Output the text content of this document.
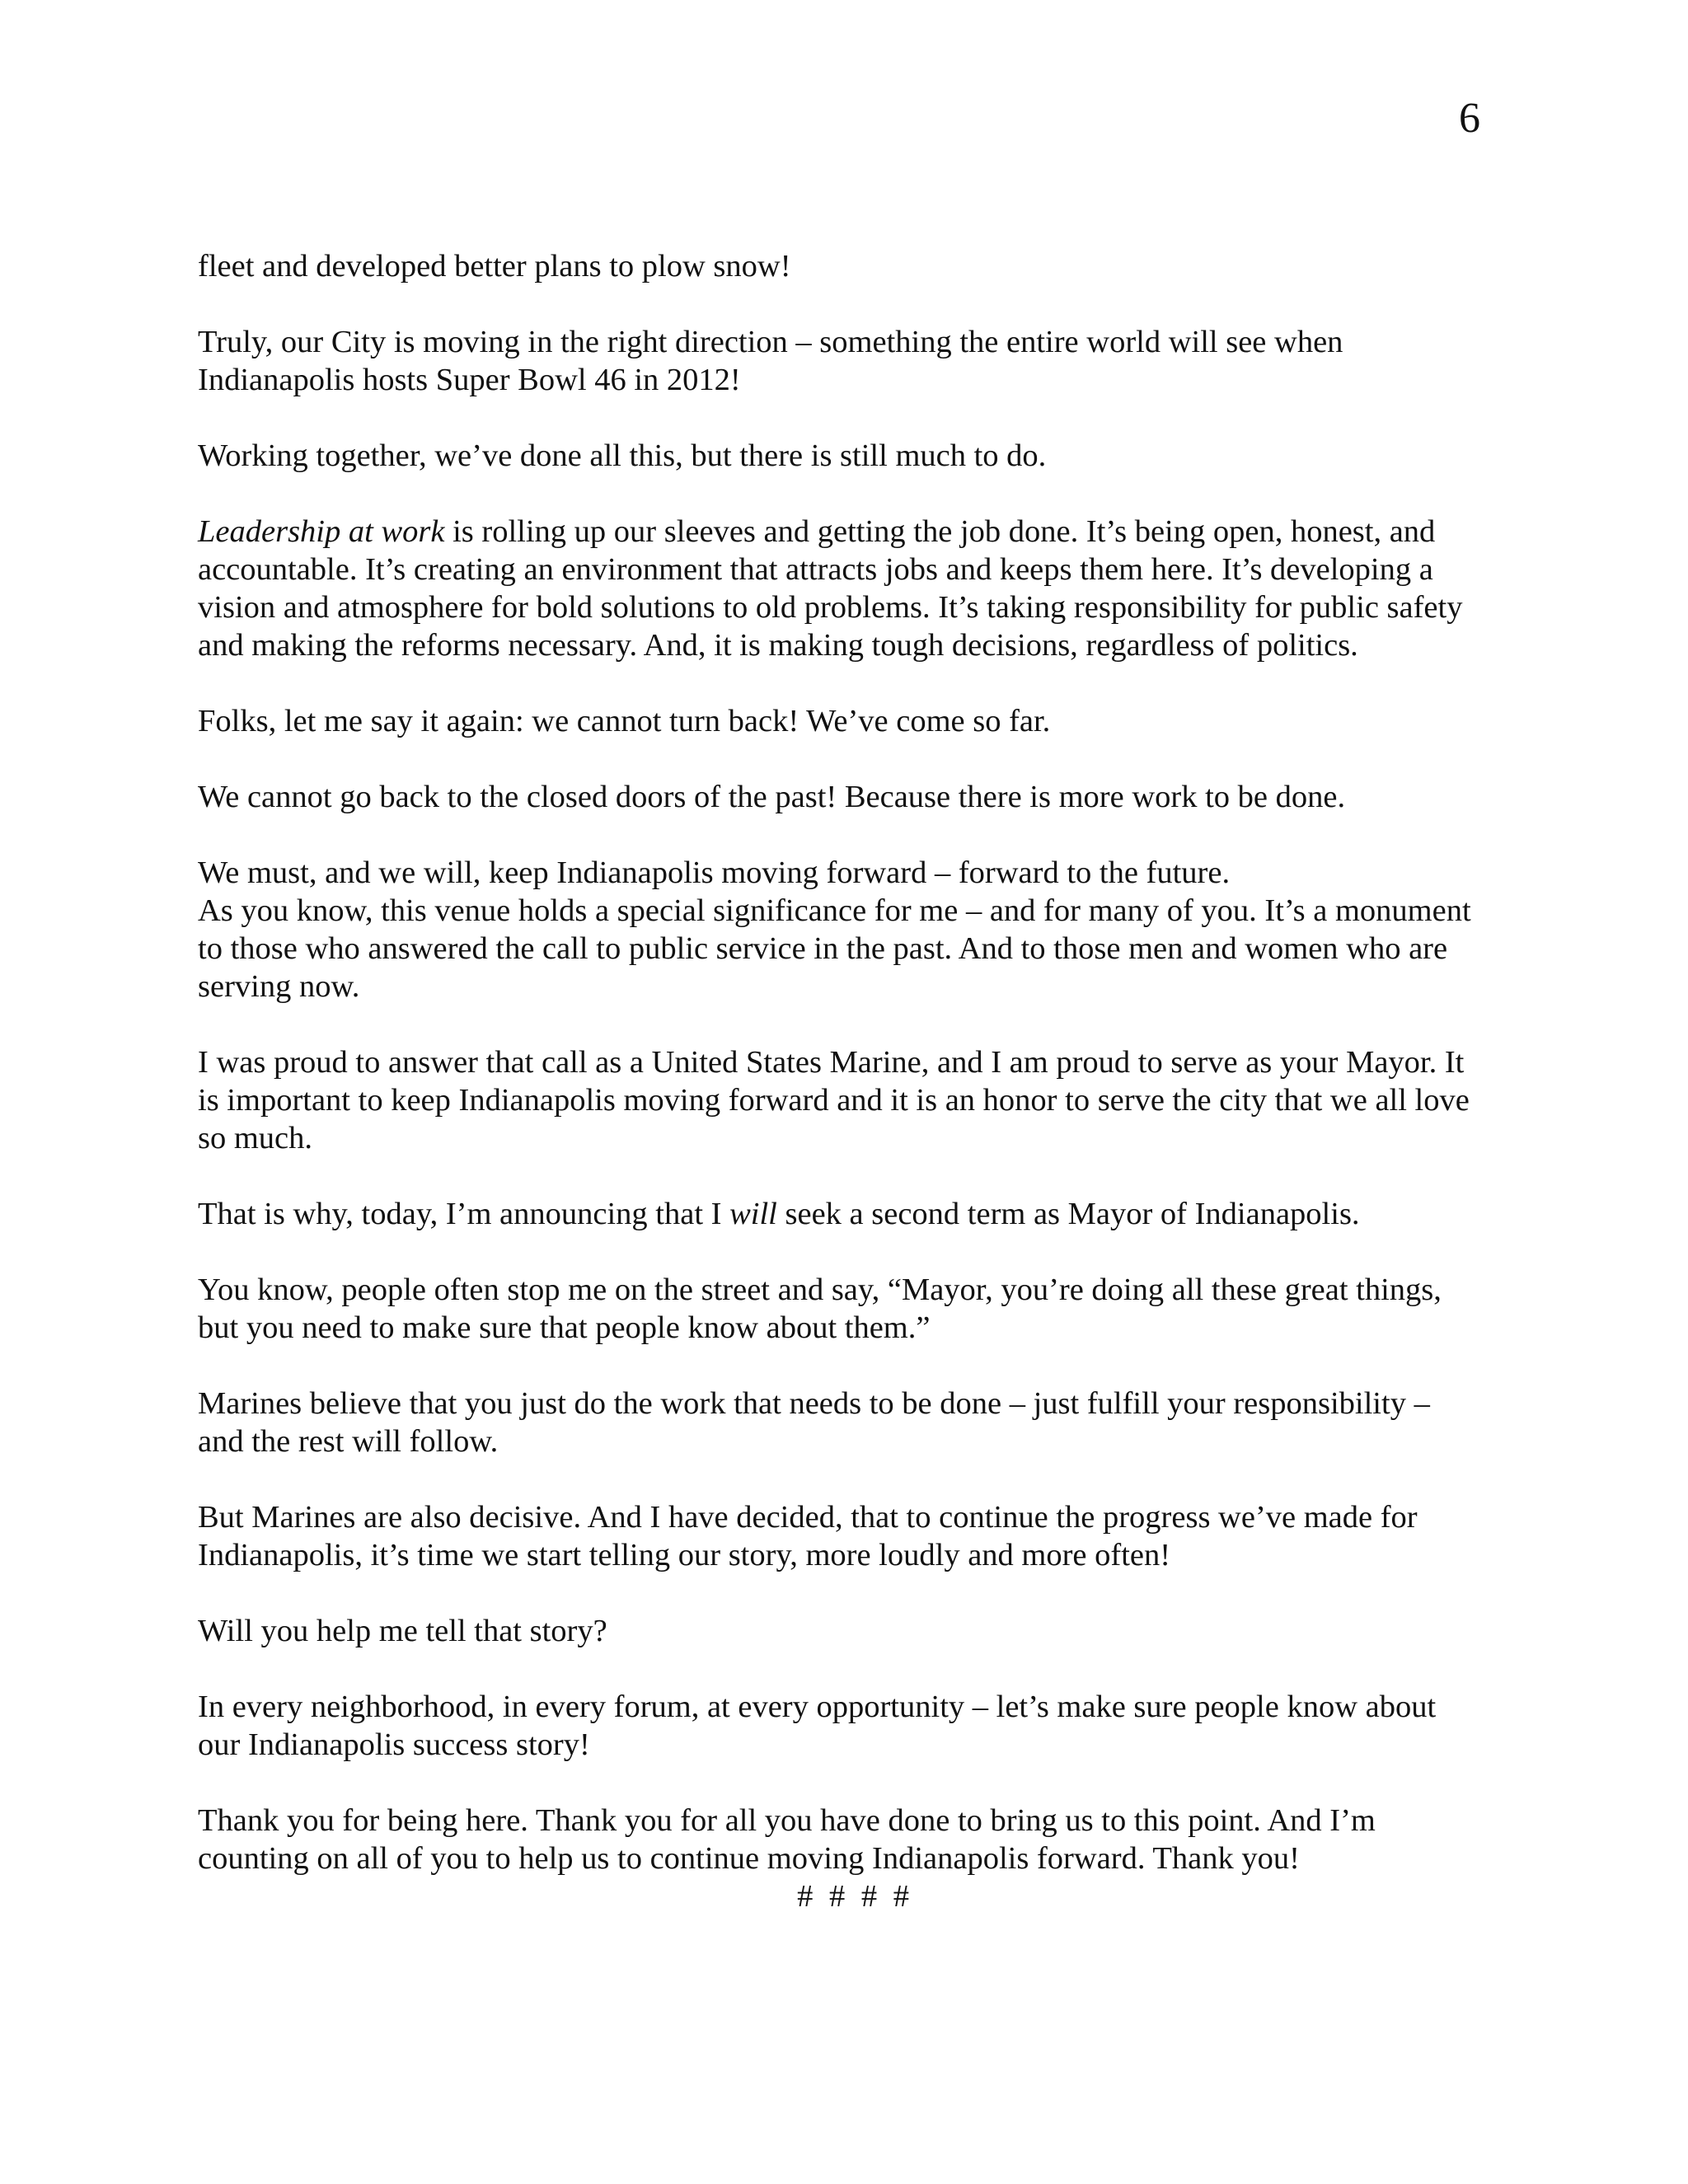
6

fleet and developed better plans to plow snow!

Truly, our City is moving in the right direction – something the entire world will see when Indianapolis hosts Super Bowl 46 in 2012!

Working together, we’ve done all this, but there is still much to do.

Leadership at work is rolling up our sleeves and getting the job done. It’s being open, honest, and accountable. It’s creating an environment that attracts jobs and keeps them here. It’s developing a vision and atmosphere for bold solutions to old problems. It’s taking responsibility for public safety and making the reforms necessary. And, it is making tough decisions, regardless of politics.

Folks, let me say it again: we cannot turn back! We’ve come so far.

We cannot go back to the closed doors of the past! Because there is more work to be done.

We must, and we will, keep Indianapolis moving forward – forward to the future.

As you know, this venue holds a special significance for me – and for many of you. It’s a monument to those who answered the call to public service in the past. And to those men and women who are serving now.

I was proud to answer that call as a United States Marine, and I am proud to serve as your Mayor. It is important to keep Indianapolis moving forward and it is an honor to serve the city that we all love so much.

That is why, today, I’m announcing that I will seek a second term as Mayor of Indianapolis.

You know, people often stop me on the street and say, “Mayor, you’re doing all these great things, but you need to make sure that people know about them.”

Marines believe that you just do the work that needs to be done – just fulfill your responsibility – and the rest will follow.

But Marines are also decisive. And I have decided, that to continue the progress we’ve made for Indianapolis, it’s time we start telling our story, more loudly and more often!

Will you help me tell that story?

In every neighborhood, in every forum, at every opportunity – let’s make sure people know about our Indianapolis success story!

Thank you for being here. Thank you for all you have done to bring us to this point. And I’m counting on all of you to help us to continue moving Indianapolis forward. Thank you!

# # # #
